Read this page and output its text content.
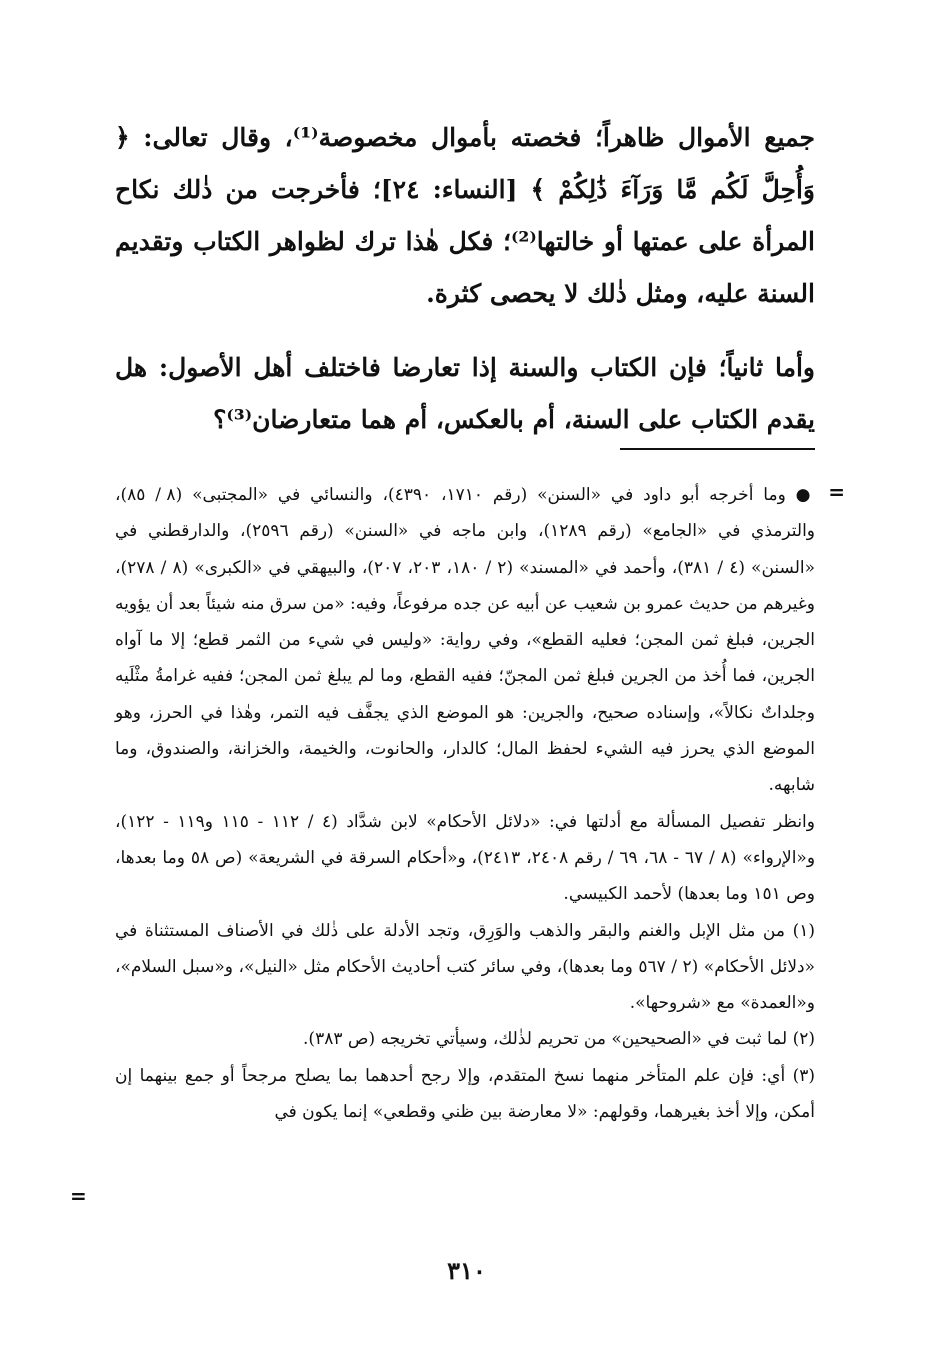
جميع الأموال ظاهراً؛ فخصته بأموال مخصوصة⁽¹⁾، وقال تعالى: ﴿ وَأُحِلَّ لَكُم مَّا وَرَآءَ ذَٰلِكُمْ ﴾ [النساء: ٢٤]؛ فأخرجت من ذٰلك نكاح المرأة على عمتها أو خالتها⁽²⁾؛ فكل هٰذا ترك لظواهر الكتاب وتقديم السنة عليه، ومثل ذٰلك لا يحصى كثرة.

وأما ثانياً؛ فإن الكتاب والسنة إذا تعارضا فاختلف أهل الأصول: هل يقدم الكتاب على السنة، أم بالعكس، أم هما متعارضان⁽³⁾؟

=

● وما أخرجه أبو داود في «السنن» (رقم ١٧١٠، ٤٣٩٠)، والنسائي في «المجتبى» (٨ / ٨٥)، والترمذي في «الجامع» (رقم ١٢٨٩)، وابن ماجه في «السنن» (رقم ٢٥٩٦)، والدارقطني في «السنن» (٤ / ٣٨١)، وأحمد في «المسند» (٢ / ١٨٠، ٢٠٣، ٢٠٧)، والبيهقي في «الكبرى» (٨ / ٢٧٨)، وغيرهم من حديث عمرو بن شعيب عن أبيه عن جده مرفوعاً، وفيه: «من سرق منه شيئاً بعد أن يؤويه الجرين، فبلغ ثمن المجن؛ فعليه القطع»، وفي رواية: «وليس في شيء من الثمر قطع؛ إلا ما آواه الجرين، فما أُخذ من الجرين فبلغ ثمن المجنّ؛ ففيه القطع، وما لم يبلغ ثمن المجن؛ ففيه غرامةُ مثْلَيه وجلداتٌ نكالاً»، وإسناده صحيح، والجرين: هو الموضع الذي يجفَّف فيه التمر، وهٰذا في الحرز، وهو الموضع الذي يحرز فيه الشيء لحفظ المال؛ كالدار، والحانوت، والخيمة، والخزانة، والصندوق، وما شابهه.

وانظر تفصيل المسألة مع أدلتها في: «دلائل الأحكام» لابن شدَّاد (٤ / ١١٢ - ١١٥ و١١٩ - ١٢٢)، و«الإرواء» (٨ / ٦٧ - ٦٨، ٦٩ / رقم ٢٤٠٨، ٢٤١٣)، و«أحكام السرقة في الشريعة» (ص ٥٨ وما بعدها، وص ١٥١ وما بعدها) لأحمد الكبيسي.

(١) من مثل الإبل والغنم والبقر والذهب والوَرِق، وتجد الأدلة على ذٰلك في الأصناف المستثناة في «دلائل الأحكام» (٢ / ٥٦٧ وما بعدها)، وفي سائر كتب أحاديث الأحكام مثل «النيل»، و«سبل السلام»، و«العمدة» مع «شروحها».

(٢) لما ثبت في «الصحيحين» من تحريم لذٰلك، وسيأتي تخريجه (ص ٣٨٣).

(٣) أي: فإن علم المتأخر منهما نسخ المتقدم، وإلا رجح أحدهما بما يصلح مرجحاً أو جمع بينهما إن أمكن، وإلا أخذ بغيرهما، وقولهم: «لا معارضة بين ظني وقطعي» إنما يكون في

=
٣١٠
